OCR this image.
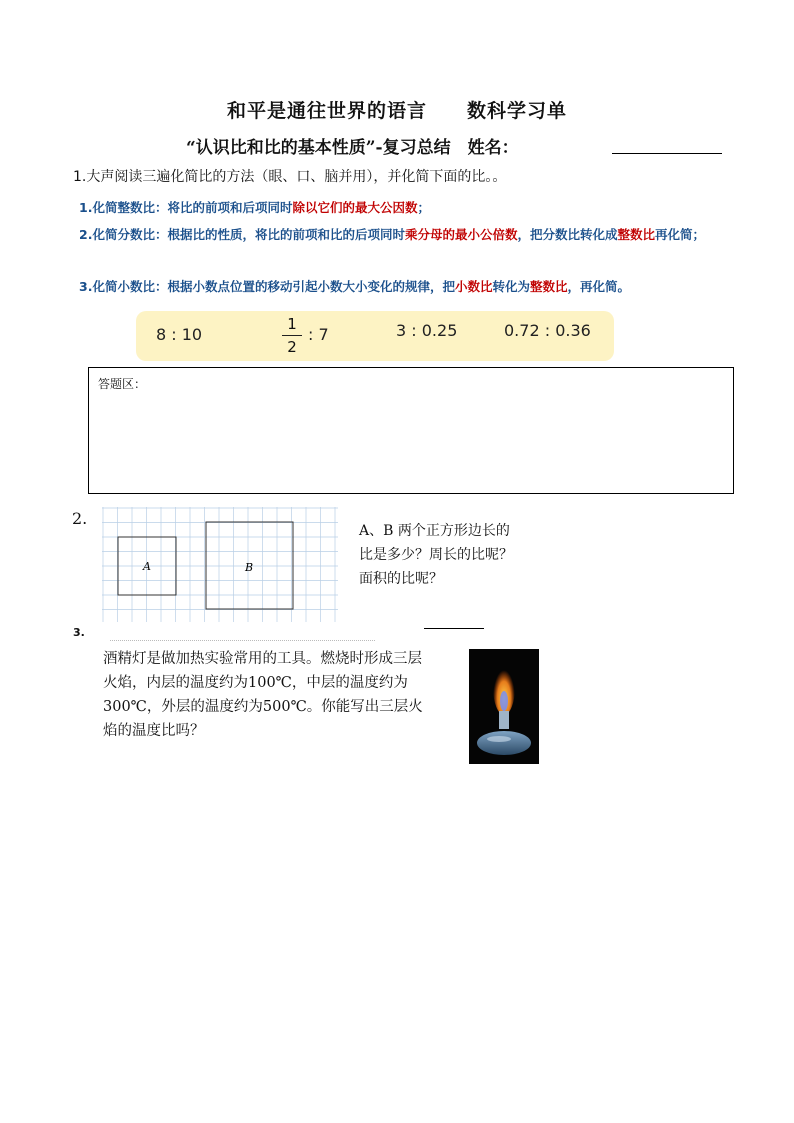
和平是通往世界的语言　　数科学习单
“认识比和比的基本性质”-复习总结　姓名：
1.大声阅读三遍化简比的方法（眼、口、脑并用），并化简下面的比。。
1.化简整数比：将比的前项和后项同时除以它们的最大公因数；
2.化简分数比：根据比的性质，将比的前项和比的后项同时乘分母的最小公倍数，把分数比转化成整数比再化简；
3.化简小数比：根据小数点位置的移动引起小数大小变化的规律，把小数比转化为整数比，再化简。
8 : 10	: 7	3 : 0.25	0.72 : 0.36
1
2
答题区：
2.
A	B
A、B 两个正方形边长的比是多少？周长的比呢？面积的比呢？
3.
酒精灯是做加热实验常用的工具。燃烧时形成三层火焰，内层的温度约为100℃，中层的温度约为300℃，外层的温度约为500℃。你能写出三层火焰的温度比吗？
